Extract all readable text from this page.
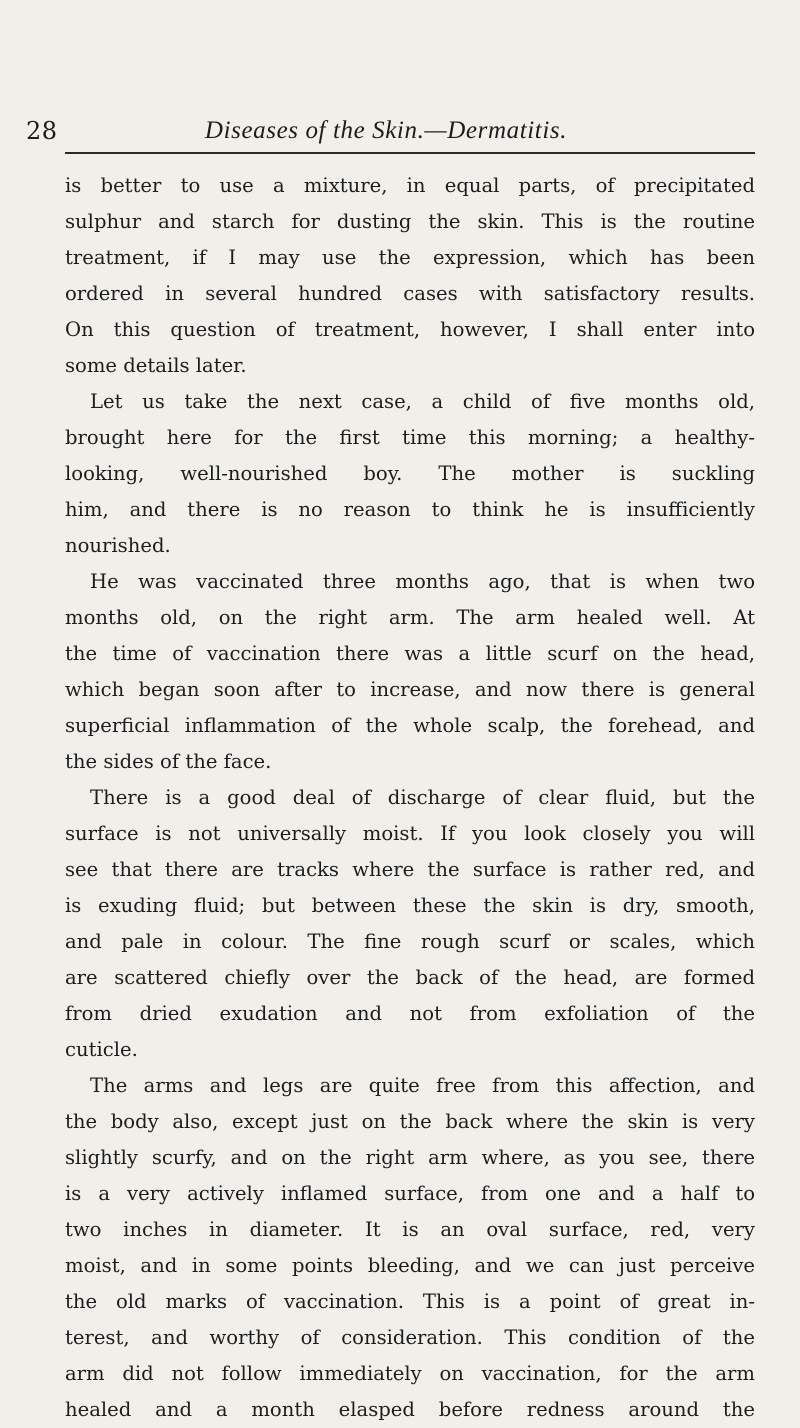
28	Diseases of the Skin.—Dermatitis.
is better to use a mixture, in equal parts, of precipitated
sulphur and starch for dusting the skin. This is the routine
treatment, if I may use the expression, which has been
ordered in several hundred cases with satisfactory results.
On this question of treatment, however, I shall enter into
some details later.
Let us take the next case, a child of five months old,
brought here for the first time this morning; a healthy-
looking, well-nourished boy. The mother is suckling
him, and there is no reason to think he is insufficiently
nourished.
He was vaccinated three months ago, that is when two
months old, on the right arm. The arm healed well. At
the time of vaccination there was a little scurf on the head,
which began soon after to increase, and now there is general
superficial inflammation of the whole scalp, the forehead, and
the sides of the face.
There is a good deal of discharge of clear fluid, but the
surface is not universally moist. If you look closely you will
see that there are tracks where the surface is rather red, and
is exuding fluid; but between these the skin is dry, smooth,
and pale in colour. The fine rough scurf or scales, which
are scattered chiefly over the back of the head, are formed
from dried exudation and not from exfoliation of the
cuticle.
The arms and legs are quite free from this affection, and
the body also, except just on the back where the skin is very
slightly scurfy, and on the right arm where, as you see, there
is a very actively inflamed surface, from one and a half to
two inches in diameter. It is an oval surface, red, very
moist, and in some points bleeding, and we can just perceive
the old marks of vaccination. This is a point of great in-
terest, and worthy of consideration. This condition of the
arm did not follow immediately on vaccination, for the arm
healed and a month elasped before redness around the
